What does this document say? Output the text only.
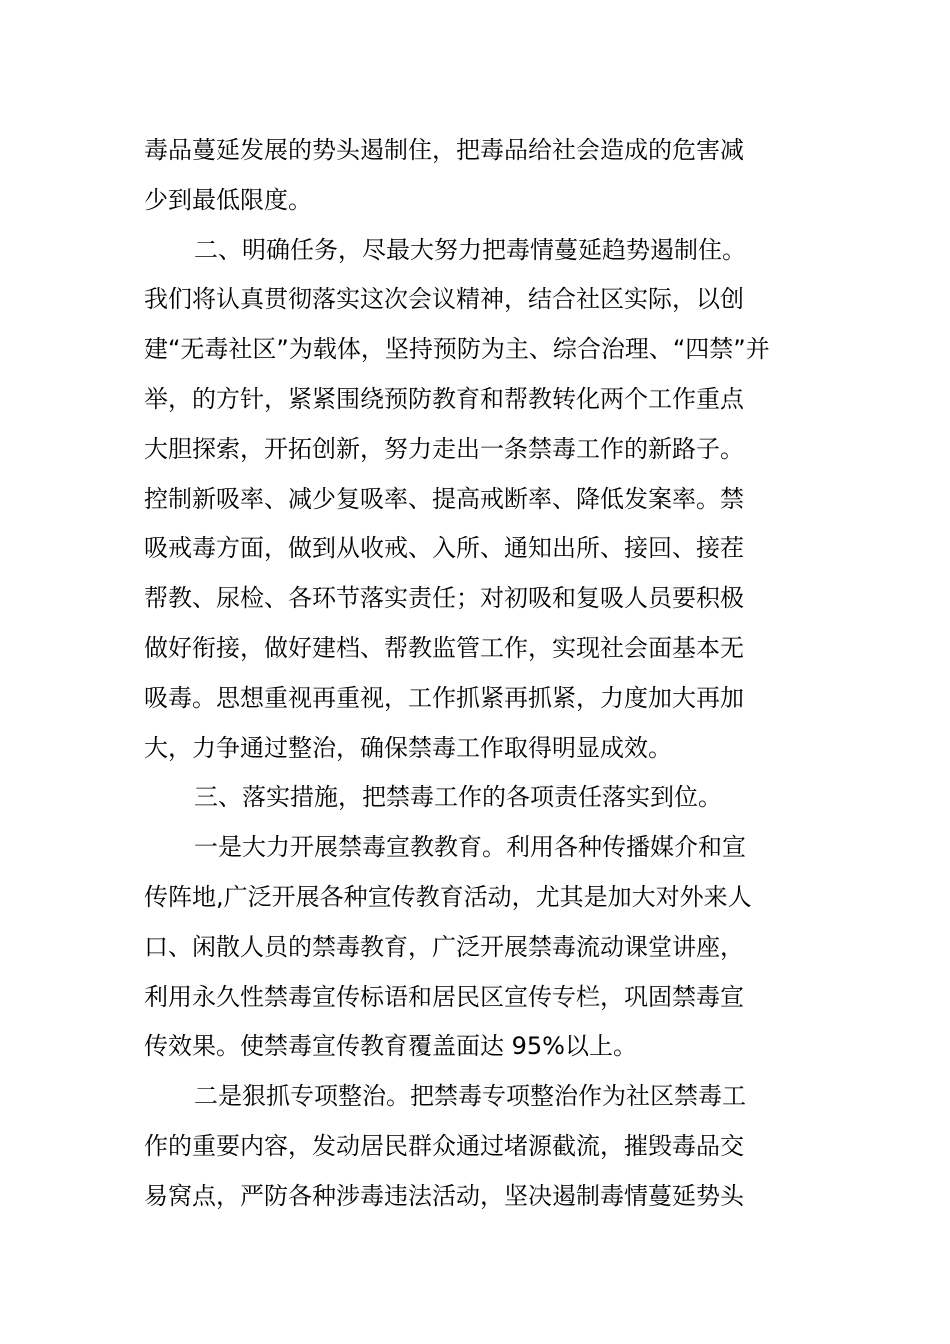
毒品蔓延发展的势头遏制住，把毒品给社会造成的危害减
少到最低限度。
二、明确任务，尽最大努力把毒情蔓延趋势遏制住。
我们将认真贯彻落实这次会议精神，结合社区实际，以创
建“无毒社区”为载体，坚持预防为主、综合治理、“四禁”并
举，的方针，紧紧围绕预防教育和帮教转化两个工作重点
大胆探索，开拓创新，努力走出一条禁毒工作的新路子。
控制新吸率、减少复吸率、提高戒断率、降低发案率。禁
吸戒毒方面，做到从收戒、入所、通知出所、接回、接茬
帮教、尿检、各环节落实责任；对初吸和复吸人员要积极
做好衔接，做好建档、帮教监管工作，实现社会面基本无
吸毒。思想重视再重视，工作抓紧再抓紧，力度加大再加
大，力争通过整治，确保禁毒工作取得明显成效。
三、落实措施，把禁毒工作的各项责任落实到位。
一是大力开展禁毒宣教教育。利用各种传播媒介和宣
传阵地,广泛开展各种宣传教育活动，尤其是加大对外来人
口、闲散人员的禁毒教育，广泛开展禁毒流动课堂讲座，
利用永久性禁毒宣传标语和居民区宣传专栏，巩固禁毒宣
传效果。使禁毒宣传教育覆盖面达 95%以上。
二是狠抓专项整治。把禁毒专项整治作为社区禁毒工
作的重要内容，发动居民群众通过堵源截流，摧毁毒品交
易窝点，严防各种涉毒违法活动，坚决遏制毒情蔓延势头
